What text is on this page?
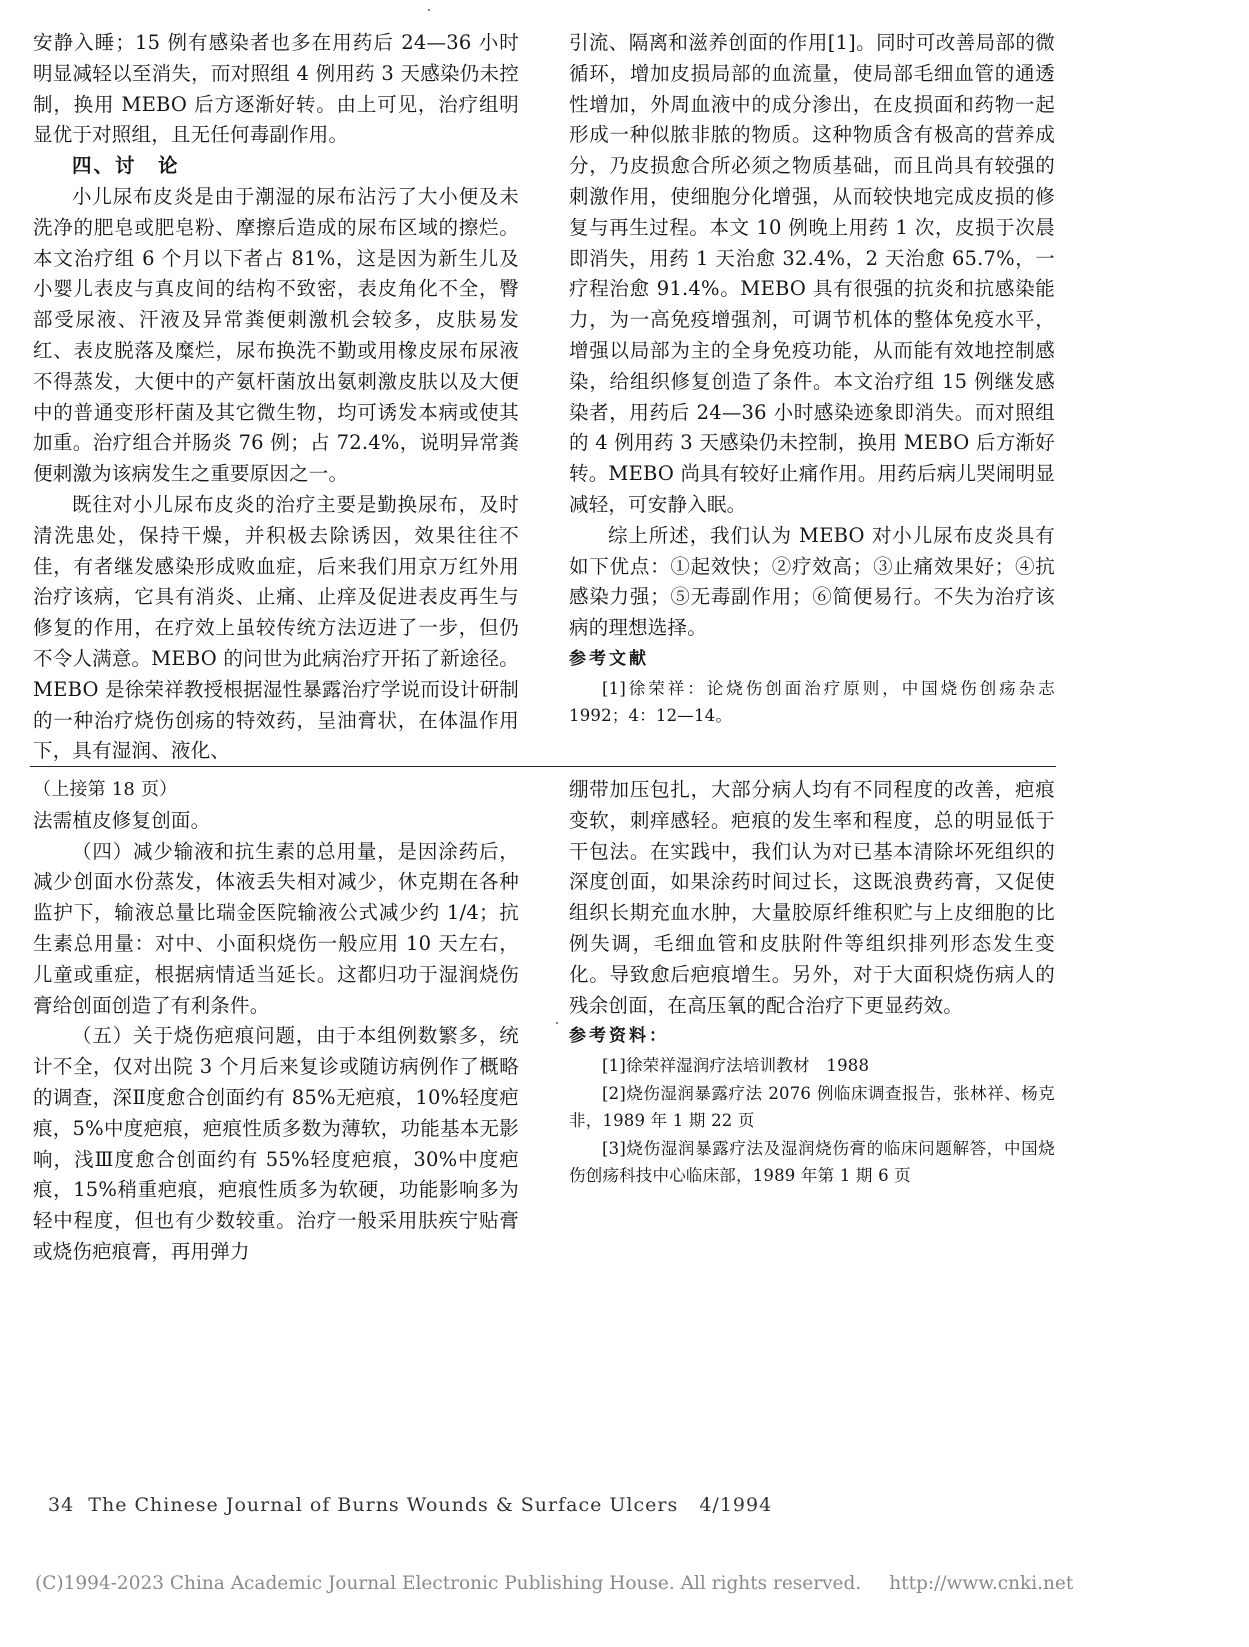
安静入睡；15 例有感染者也多在用药后 24—36 小时明显减轻以至消失，而对照组 4 例用药 3 天感染仍未控制，换用 MEBO 后方逐渐好转。由上可见，治疗组明显优于对照组，且无任何毒副作用。

四、讨　论

小儿尿布皮炎是由于潮湿的尿布沾污了大小便及未洗净的肥皂或肥皂粉、摩擦后造成的尿布区域的擦烂。本文治疗组 6 个月以下者占 81%，这是因为新生儿及小婴儿表皮与真皮间的结构不致密，表皮角化不全，臀部受尿液、汗液及异常粪便刺激机会较多，皮肤易发红、表皮脱落及糜烂，尿布换洗不勤或用橡皮尿布尿液不得蒸发，大便中的产氨杆菌放出氨刺激皮肤以及大便中的普通变形杆菌及其它微生物，均可诱发本病或使其加重。治疗组合并肠炎 76 例；占 72.4%，说明异常粪便刺激为该病发生之重要原因之一。

既往对小儿尿布皮炎的治疗主要是勤换尿布，及时清洗患处，保持干燥，并积极去除诱因，效果往往不佳，有者继发感染形成败血症，后来我们用京万红外用治疗该病，它具有消炎、止痛、止痒及促进表皮再生与修复的作用，在疗效上虽较传统方法迈进了一步，但仍不令人满意。MEBO 的问世为此病治疗开拓了新途径。MEBO 是徐荣祥教授根据湿性暴露治疗学说而设计研制的一种治疗烧伤创疡的特效药，呈油膏状，在体温作用下，具有湿润、液化、

引流、隔离和滋养创面的作用[1]。同时可改善局部的微循环，增加皮损局部的血流量，使局部毛细血管的通透性增加，外周血液中的成分渗出，在皮损面和药物一起形成一种似脓非脓的物质。这种物质含有极高的营养成分，乃皮损愈合所必须之物质基础，而且尚具有较强的刺激作用，使细胞分化增强，从而较快地完成皮损的修复与再生过程。本文 10 例晚上用药 1 次，皮损于次晨即消失，用药 1 天治愈 32.4%，2 天治愈 65.7%，一疗程治愈 91.4%。MEBO 具有很强的抗炎和抗感染能力，为一高免疫增强剂，可调节机体的整体免疫水平，增强以局部为主的全身免疫功能，从而能有效地控制感染，给组织修复创造了条件。本文治疗组 15 例继发感染者，用药后 24—36 小时感染迹象即消失。而对照组的 4 例用药 3 天感染仍未控制，换用 MEBO 后方渐好转。MEBO 尚具有较好止痛作用。用药后病儿哭闹明显减轻，可安静入眠。

综上所述，我们认为 MEBO 对小儿尿布皮炎具有如下优点：①起效快；②疗效高；③止痛效果好；④抗感染力强；⑤无毒副作用；⑥简便易行。不失为治疗该病的理想选择。

参考文献

[1]徐荣祥：论烧伤创面治疗原则，中国烧伤创疡杂志 1992；4：12—14。

（上接第 18 页）

法需植皮修复创面。

（四）减少输液和抗生素的总用量，是因涂药后，减少创面水份蒸发，体液丢失相对减少，休克期在各种监护下，输液总量比瑞金医院输液公式减少约 1/4；抗生素总用量：对中、小面积烧伤一般应用 10 天左右，儿童或重症，根据病情适当延长。这都归功于湿润烧伤膏给创面创造了有利条件。

（五）关于烧伤疤痕问题，由于本组例数繁多，统计不全，仅对出院 3 个月后来复诊或随访病例作了概略的调查，深Ⅱ度愈合创面约有 85%无疤痕，10%轻度疤痕，5%中度疤痕，疤痕性质多数为薄软，功能基本无影响，浅Ⅲ度愈合创面约有 55%轻度疤痕，30%中度疤痕，15%稍重疤痕，疤痕性质多为软硬，功能影响多为轻中程度，但也有少数较重。治疗一般采用肤疾宁贴膏或烧伤疤痕膏，再用弹力

绷带加压包扎，大部分病人均有不同程度的改善，疤痕变软，刺痒感轻。疤痕的发生率和程度，总的明显低于干包法。在实践中，我们认为对已基本清除坏死组织的深度创面，如果涂药时间过长，这既浪费药膏，又促使组织长期充血水肿，大量胶原纤维积贮与上皮细胞的比例失调，毛细血管和皮肤附件等组织排列形态发生变化。导致愈后疤痕增生。另外，对于大面积烧伤病人的残余创面，在高压氧的配合治疗下更显药效。

参考资料：

[1]徐荣祥湿润疗法培训教材　1988

[2]烧伤湿润暴露疗法 2076 例临床调查报告，张林祥、杨克非，1989 年 1 期 22 页

[3]烧伤湿润暴露疗法及湿润烧伤膏的临床问题解答，中国烧伤创疡科技中心临床部，1989 年第 1 期 6 页

34 The Chinese Journal of Burns Wounds & Surface Ulcers 4/1994
(C)1994-2023 China Academic Journal Electronic Publishing House. All rights reserved. http://www.cnki.net
